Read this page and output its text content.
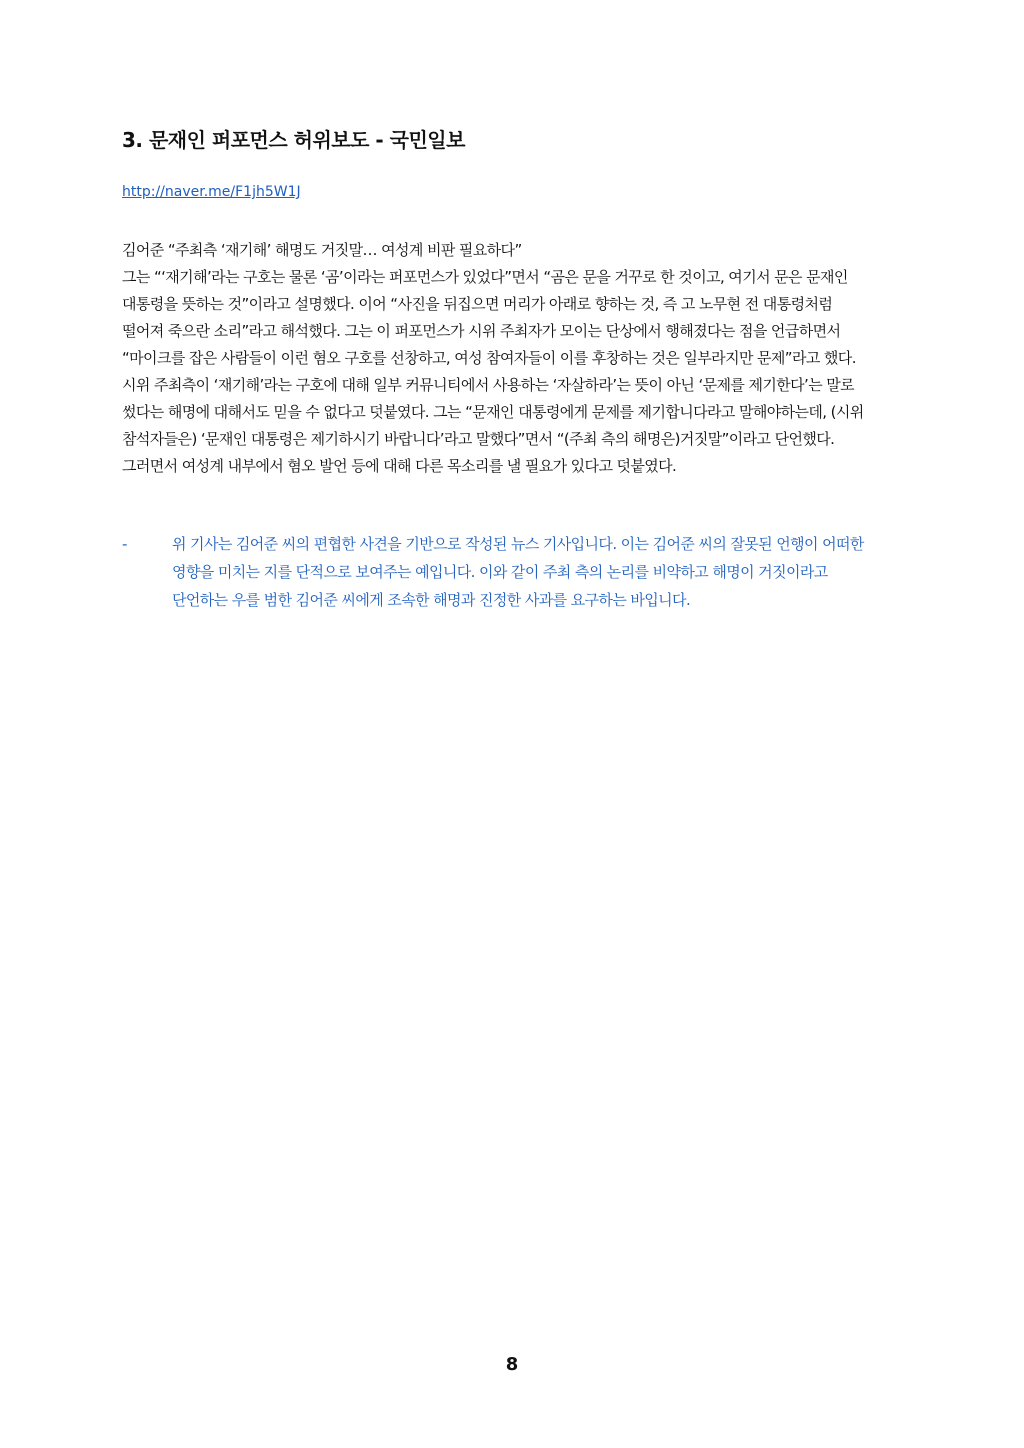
3. 문재인 퍼포먼스 허위보도 - 국민일보
http://naver.me/F1jh5W1J

김어준 “주최측 ‘재기해’ 해명도 거짓말… 여성계 비판 필요하다”

그는 “‘재기해’라는 구호는 물론 ‘곰’이라는 퍼포먼스가 있었다”면서 “곰은 문을 거꾸로 한 것이고, 여기서 문은 문재인

대통령을 뜻하는 것”이라고 설명했다. 이어 “사진을 뒤집으면 머리가 아래로 향하는 것, 즉 고 노무현 전 대통령처럼

떨어져 죽으란 소리”라고 해석했다. 그는 이 퍼포먼스가 시위 주최자가 모이는 단상에서 행해졌다는 점을 언급하면서

“마이크를 잡은 사람들이 이런 혐오 구호를 선창하고, 여성 참여자들이 이를 후창하는 것은 일부라지만 문제”라고 했다.

시위 주최측이 ‘재기해’라는 구호에 대해 일부 커뮤니티에서 사용하는 ‘자살하라’는 뜻이 아닌 ‘문제를 제기한다’는 말로

썼다는 해명에 대해서도 믿을 수 없다고 덧붙였다. 그는 “문재인 대통령에게 문제를 제기합니다라고 말해야하는데, (시위

참석자들은) ‘문재인 대통령은 제기하시기 바랍니다’라고 말했다”면서 “(주최 측의 해명은)거짓말”이라고 단언했다.

그러면서 여성계 내부에서 혐오 발언 등에 대해 다른 목소리를 낼 필요가 있다고 덧붙였다.

-	위 기사는 김어준 씨의 편협한 사견을 기반으로 작성된 뉴스 기사입니다. 이는 김어준 씨의 잘못된 언행이 어떠한

영향을 미치는 지를 단적으로 보여주는 예입니다. 이와 같이 주최 측의 논리를 비약하고 해명이 거짓이라고

단언하는 우를 범한 김어준 씨에게 조속한 해명과 진정한 사과를 요구하는 바입니다.

8
